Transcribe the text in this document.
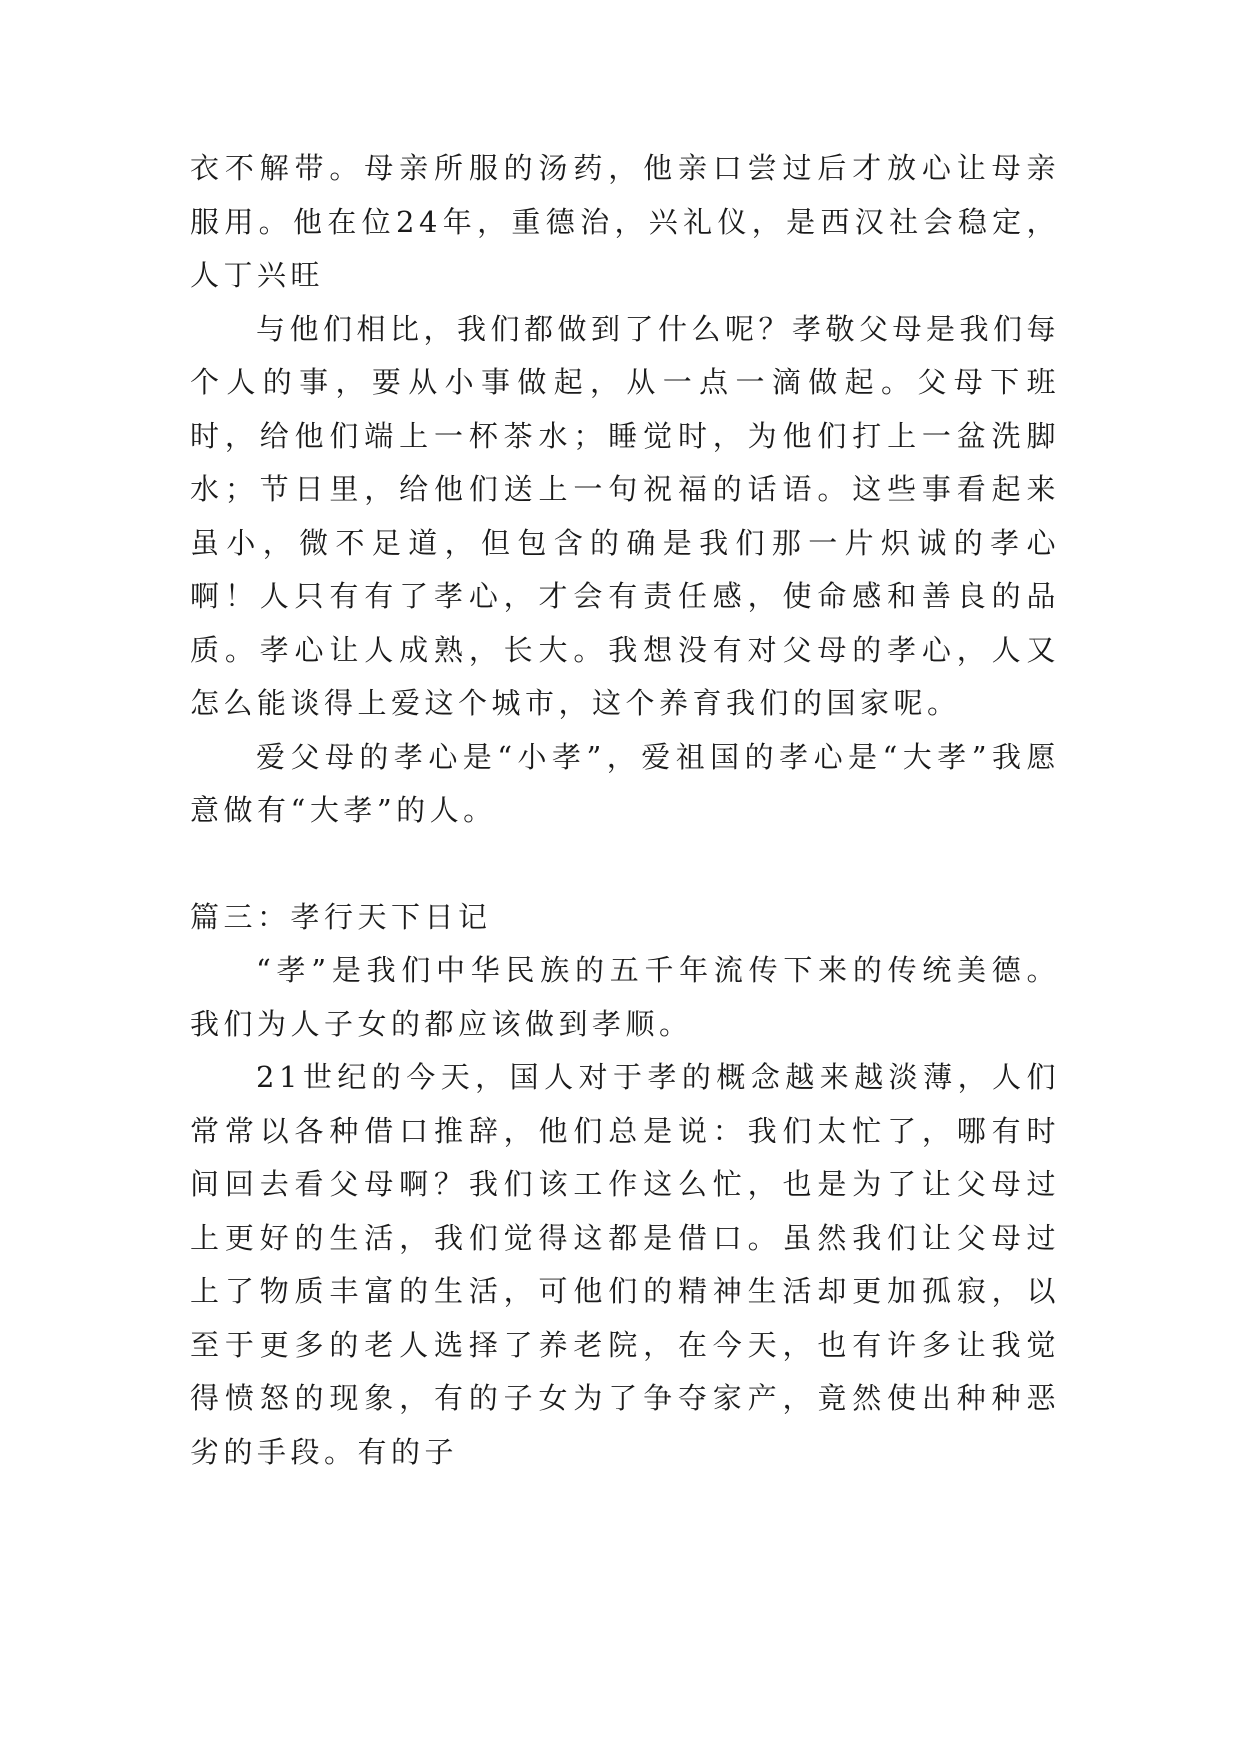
衣不解带。母亲所服的汤药，他亲口尝过后才放心让母亲服用。他在位24年，重德治，兴礼仪，是西汉社会稳定，人丁兴旺

与他们相比，我们都做到了什么呢？孝敬父母是我们每个人的事，要从小事做起，从一点一滴做起。父母下班时，给他们端上一杯茶水；睡觉时，为他们打上一盆洗脚水；节日里，给他们送上一句祝福的话语。这些事看起来虽小，微不足道，但包含的确是我们那一片炽诚的孝心啊！人只有有了孝心，才会有责任感，使命感和善良的品质。孝心让人成熟，长大。我想没有对父母的孝心，人又怎么能谈得上爱这个城市，这个养育我们的国家呢。

爱父母的孝心是“小孝”，爱祖国的孝心是“大孝”我愿意做有“大孝”的人。

篇三：孝行天下日记

“孝”是我们中华民族的五千年流传下来的传统美德。我们为人子女的都应该做到孝顺。

21世纪的今天，国人对于孝的概念越来越淡薄，人们常常以各种借口推辞，他们总是说：我们太忙了，哪有时间回去看父母啊？我们该工作这么忙，也是为了让父母过上更好的生活，我们觉得这都是借口。虽然我们让父母过上了物质丰富的生活，可他们的精神生活却更加孤寂，以至于更多的老人选择了养老院，在今天，也有许多让我觉得愤怒的现象，有的子女为了争夺家产，竟然使出种种恶劣的手段。有的子
